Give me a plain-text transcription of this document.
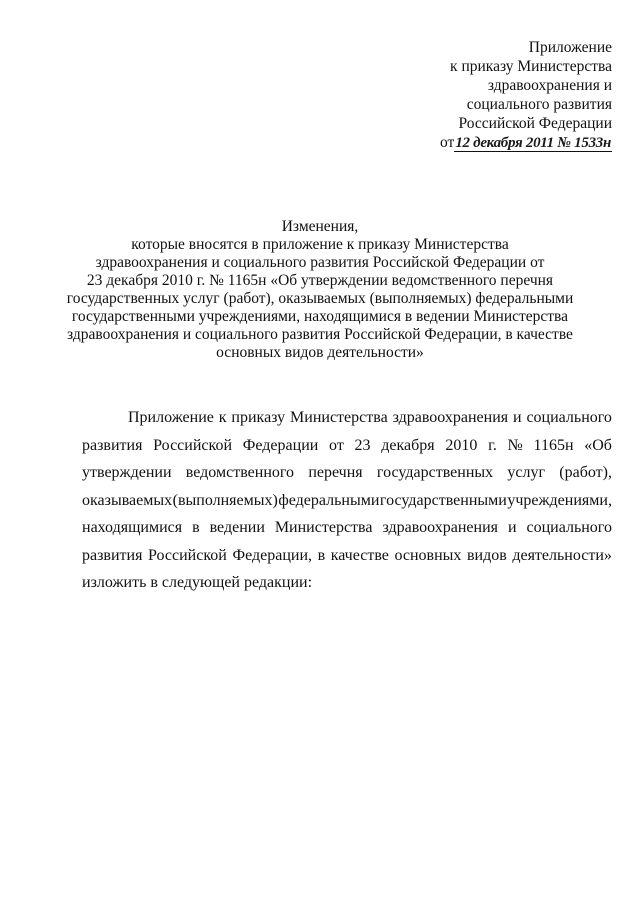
Приложение
к приказу Министерства
здравоохранения и
социального развития
Российской Федерации
от12 декабря 2011 № 1533н
Изменения,
которые вносятся в приложение к приказу Министерства
здравоохранения и социального развития Российской Федерации от
23 декабря 2010 г. № 1165н «Об утверждении ведомственного перечня
государственных услуг (работ), оказываемых (выполняемых) федеральными
государственными учреждениями, находящимися в ведении Министерства
здравоохранения и социального развития Российской Федерации, в качестве
основных видов деятельности»
Приложение к приказу Министерства здравоохранения и социального
развития Российской Федерации от 23 декабря 2010 г. № 1165н «Об
утверждении ведомственного перечня государственных услуг (работ),
оказываемых (выполняемых) федеральными государственными учреждениями,
находящимися в ведении Министерства здравоохранения и социального
развития Российской Федерации, в качестве основных видов деятельности»
изложить в следующей редакции:
